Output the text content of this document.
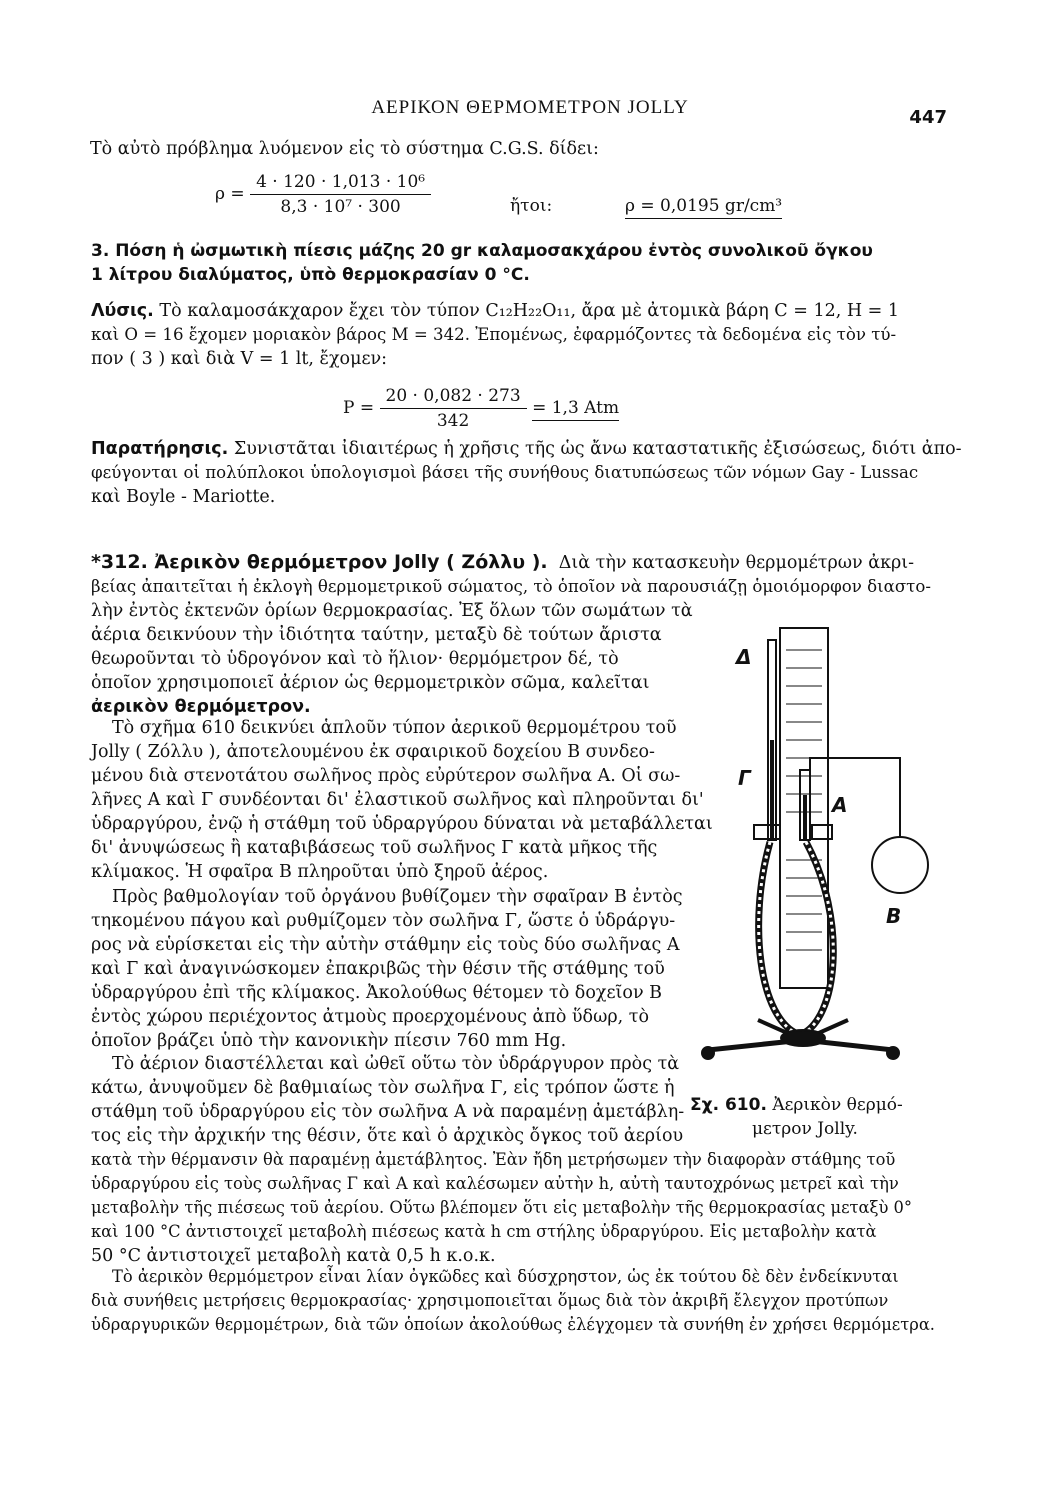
ΑΕΡΙΚΟΝ ΘΕΡΜΟΜΕΤΡΟΝ JOLLY	447
Τὸ αὐτὸ πρόβλημα λυόμενον εἰς τὸ σύστημα C.G.S. δίδει:
$\rho = \frac{\text{4 · 120 · 1,013 · 10⁶}}{\text{8,3 · 10⁷ · 300}}$	ἤτοι:	ρ = 0,0195 gr/cm³
3. Πόση ἡ ὠσμωτικὴ πίεσις μάζης 20 gr καλαμοσακχάρου ἐντὸς συνολικοῦ ὄγκου
1 λίτρου διαλύματος, ὑπὸ θερμοκρασίαν 0 °C.
Λύσις. Τὸ καλαμοσάκχαρον ἔχει τὸν τύπον C₁₂H₂₂O₁₁, ἄρα μὲ ἀτομικὰ βάρη C = 12, H = 1
καὶ O = 16 ἔχομεν μοριακὸν βάρος M = 342. Ἐπομένως, ἐφαρμόζοντες τὰ δεδομένα εἰς τὸν τύ-
πον ( 3 ) καὶ διὰ V = 1 lt, ἔχομεν:
$P = \frac{20 \cdot 0,082 \cdot 273}{342} = 1,3$ Atm
Παρατήρησις. Συνιστᾶται ἰδιαιτέρως ἡ χρῆσις τῆς ὡς ἄνω καταστατικῆς ἐξισώσεως, διότι ἀπο-
φεύγονται οἱ πολύπλοκοι ὑπολογισμοὶ βάσει τῆς συνήθους διατυπώσεως τῶν νόμων Gay - Lussac
καὶ Boyle - Mariotte.
*312. Ἀερικὸν θερμόμετρον Jolly ( Ζόλλυ ). Διὰ τὴν κατασκευὴν θερμομέτρων ἀκρι-
βείας ἀπαιτεῖται ἡ ἐκλογὴ θερμομετρικοῦ σώματος, τὸ ὁποῖον νὰ παρουσιάζῃ ὁμοιόμορφον διαστο-
λὴν ἐντὸς ἐκτενῶν ὁρίων θερμοκρασίας. Ἐξ ὅλων τῶν σωμάτων τὰ
ἀέρια δεικνύουν τὴν ἰδιότητα ταύτην, μεταξὺ δὲ τούτων ἄριστα
θεωροῦνται τὸ ὑδρογόνον καὶ τὸ ἥλιον· θερμόμετρον δέ, τὸ
ὁποῖον χρησιμοποιεῖ ἀέριον ὡς θερμομετρικὸν σῶμα, καλεῖται
ἀερικὸν θερμόμετρον.
Τὸ σχῆμα 610 δεικνύει ἁπλοῦν τύπον ἀερικοῦ θερμομέτρου τοῦ
Jolly ( Ζόλλυ ), ἀποτελουμένου ἐκ σφαιρικοῦ δοχείου B συνδεο-
μένου διὰ στενοτάτου σωλῆνος πρὸς εὐρύτερον σωλῆνα A. Οἱ σω-
λῆνες A καὶ Γ συνδέονται δι' ἐλαστικοῦ σωλῆνος καὶ πληροῦνται δι'
ὑδραργύρου, ἐνῷ ἡ στάθμη τοῦ ὑδραργύρου δύναται νὰ μεταβάλλεται
δι' ἀνυψώσεως ἢ καταβιβάσεως τοῦ σωλῆνος Γ κατὰ μῆκος τῆς
κλίμακος. Ἡ σφαῖρα B πληροῦται ὑπὸ ξηροῦ ἀέρος.
Πρὸς βαθμολογίαν τοῦ ὀργάνου βυθίζομεν τὴν σφαῖραν B ἐντὸς
τηκομένου πάγου καὶ ρυθμίζομεν τὸν σωλῆνα Γ, ὥστε ὁ ὑδράργυ-
ρος νὰ εὑρίσκεται εἰς τὴν αὐτὴν στάθμην εἰς τοὺς δύο σωλῆνας A
καὶ Γ καὶ ἀναγινώσκομεν ἐπακριβῶς τὴν θέσιν τῆς στάθμης τοῦ
ὑδραργύρου ἐπὶ τῆς κλίμακος. Ἀκολούθως θέτομεν τὸ δοχεῖον B
ἐντὸς χώρου περιέχοντος ἀτμοὺς προερχομένους ἀπὸ ὕδωρ, τὸ
ὁποῖον βράζει ὑπὸ τὴν κανονικὴν πίεσιν 760 mm Hg.
Τὸ ἀέριον διαστέλλεται καὶ ὠθεῖ οὕτω τὸν ὑδράργυρον πρὸς τὰ
κάτω, ἀνυψοῦμεν δὲ βαθμιαίως τὸν σωλῆνα Γ, εἰς τρόπον ὥστε ἡ
στάθμη τοῦ ὑδραργύρου εἰς τὸν σωλῆνα A νὰ παραμένῃ ἀμετάβλη-
τος εἰς τὴν ἀρχικήν της θέσιν, ὅτε καὶ ὁ ἀρχικὸς ὄγκος τοῦ ἀερίου
κατὰ τὴν θέρμανσιν θὰ παραμένῃ ἀμετάβλητος. Ἐὰν ἤδη μετρήσωμεν τὴν διαφορὰν στάθμης τοῦ
ὑδραργύρου εἰς τοὺς σωλῆνας Γ καὶ A καὶ καλέσωμεν αὐτὴν h, αὐτὴ ταυτοχρόνως μετρεῖ καὶ τὴν
μεταβολὴν τῆς πιέσεως τοῦ ἀερίου. Οὕτω βλέπομεν ὅτι εἰς μεταβολὴν τῆς θερμοκρασίας μεταξὺ 0°
καὶ 100 °C ἀντιστοιχεῖ μεταβολὴ πιέσεως κατὰ h cm στήλης ὑδραργύρου. Εἰς μεταβολὴν κατὰ
50 °C ἀντιστοιχεῖ μεταβολὴ κατὰ 0,5 h κ.ο.κ.
Τὸ ἀερικὸν θερμόμετρον εἶναι λίαν ὀγκῶδες καὶ δύσχρηστον, ὡς ἐκ τούτου δὲ δὲν ἐνδείκνυται
διὰ συνήθεις μετρήσεις θερμοκρασίας· χρησιμοποιεῖται ὅμως διὰ τὸν ἀκριβῆ ἔλεγχον προτύπων
ὑδραργυρικῶν θερμομέτρων, διὰ τῶν ὁποίων ἀκολούθως ἐλέγχομεν τὰ συνήθη ἐν χρήσει θερμόμετρα.
Δ
Γ
A
B
Σχ. 610. Ἀερικὸν θερμό-
μετρον Jolly.
